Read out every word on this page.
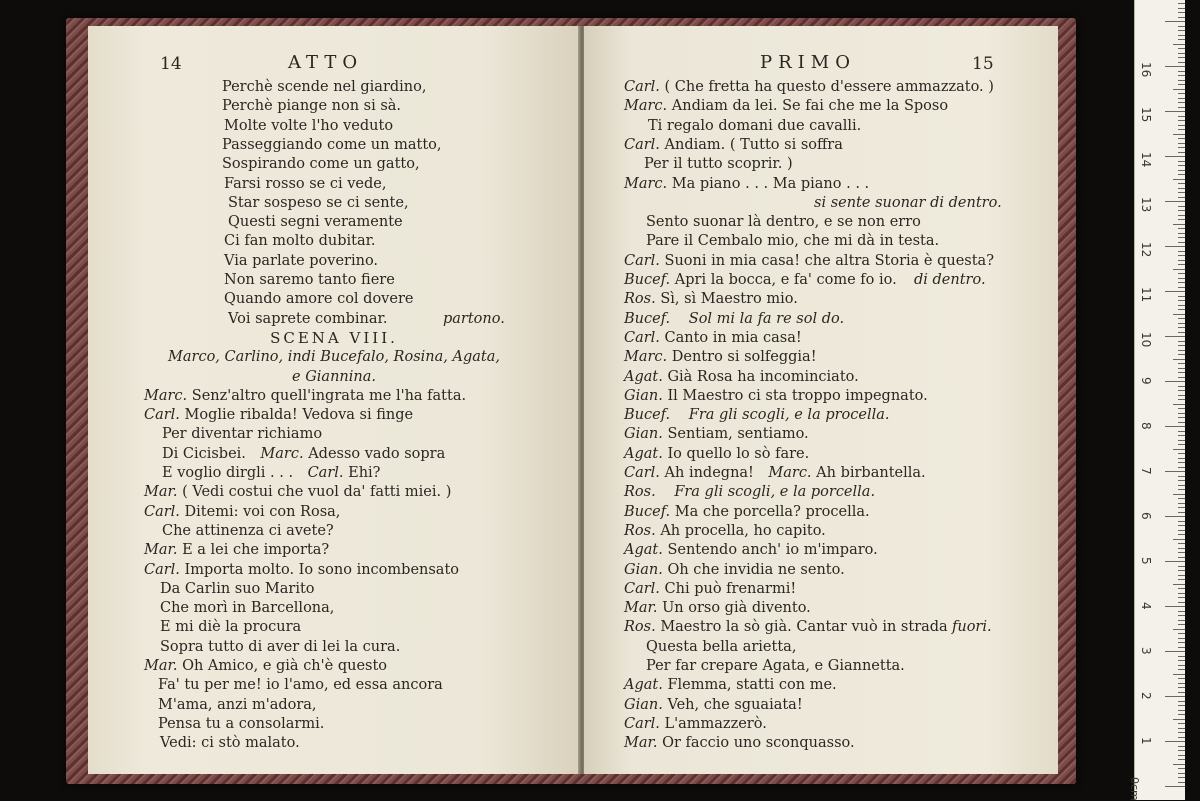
14	ATTO
Perchè scende nel giardino,
Perchè piange non si sà.
Molte volte l'ho veduto
Passeggiando come un matto,
Sospirando come un gatto,
Farsi rosso se ci vede,
Star sospeso se ci sente,
Questi segni veramente
Ci fan molto dubitar.
Via parlate poverino.
Non saremo tanto fiere
Quando amore col dovere
Voi saprete combinar.	partono.
SCENA VIII.
Marco, Carlino, indi Bucefalo, Rosina, Agata,
e Giannina.
Marc. Senz'altro quell'ingrata me l'ha fatta.
Carl. Moglie ribalda! Vedova si finge
Per diventar richiamo
Di Cicisbei.  Marc. Adesso vado sopra
E voglio dirgli . . .  Carl. Ehi?
Mar. ( Vedi costui che vuol da' fatti miei. )
Carl. Ditemi: voi con Rosa,
Che attinenza ci avete?
Mar. E a lei che importa?
Carl. Importa molto. Io sono incombensato
Da Carlin suo Marito
Che morì in Barcellona,
E mi diè la procura
Sopra tutto di aver di lei la cura.
Mar. Oh Amico, e già ch'è questo
Fa' tu per me! io l'amo, ed essa ancora
M'ama, anzi m'adora,
Pensa tu a consolarmi.
Vedi: ci stò malato.
PRIMO	15
Carl. ( Che fretta ha questo d'essere ammazzato. )
Marc. Andiam da lei. Se fai che me la Sposo
Ti regalo domani due cavalli.
Carl. Andiam. ( Tutto si soffra
Per il tutto scoprir. )
Marc. Ma piano . . . Ma piano . . .
si sente suonar di dentro.
Sento suonar là dentro, e se non erro
Pare il Cembalo mio, che mi dà in testa.
Carl. Suoni in mia casa! che altra Storia è questa?
Bucef. Apri la bocca, e fa' come fo io. di dentro.
Ros. Sì, sì Maestro mio.
Bucef. Sol mi la fa re sol do.
Carl. Canto in mia casa!
Marc. Dentro si solfeggia!
Agat. Già Rosa ha incominciato.
Gian. Il Maestro ci sta troppo impegnato.
Bucef. Fra gli scogli, e la procella.
Gian. Sentiam, sentiamo.
Agat. Io quello lo sò fare.
Carl. Ah indegna!  Marc. Ah birbantella.
Ros. Fra gli scogli, e la porcella.
Bucef. Ma che porcella? procella.
Ros. Ah procella, ho capito.
Agat. Sentendo anch' io m'imparo.
Gian. Oh che invidia ne sento.
Carl. Chi può frenarmi!
Mar. Un orso già divento.
Ros. Maestro la sò già. Cantar vuò in strada fuori.
Questa bella arietta,
Per far crepare Agata, e Giannetta.
Agat. Flemma, statti con me.
Gian. Veh, che sguaiata!
Carl. L'ammazzerò.
Mar. Or faccio uno sconquasso.
0cm
1
2
3
4
5
6
7
8
9
10
11
12
13
14
15
16
